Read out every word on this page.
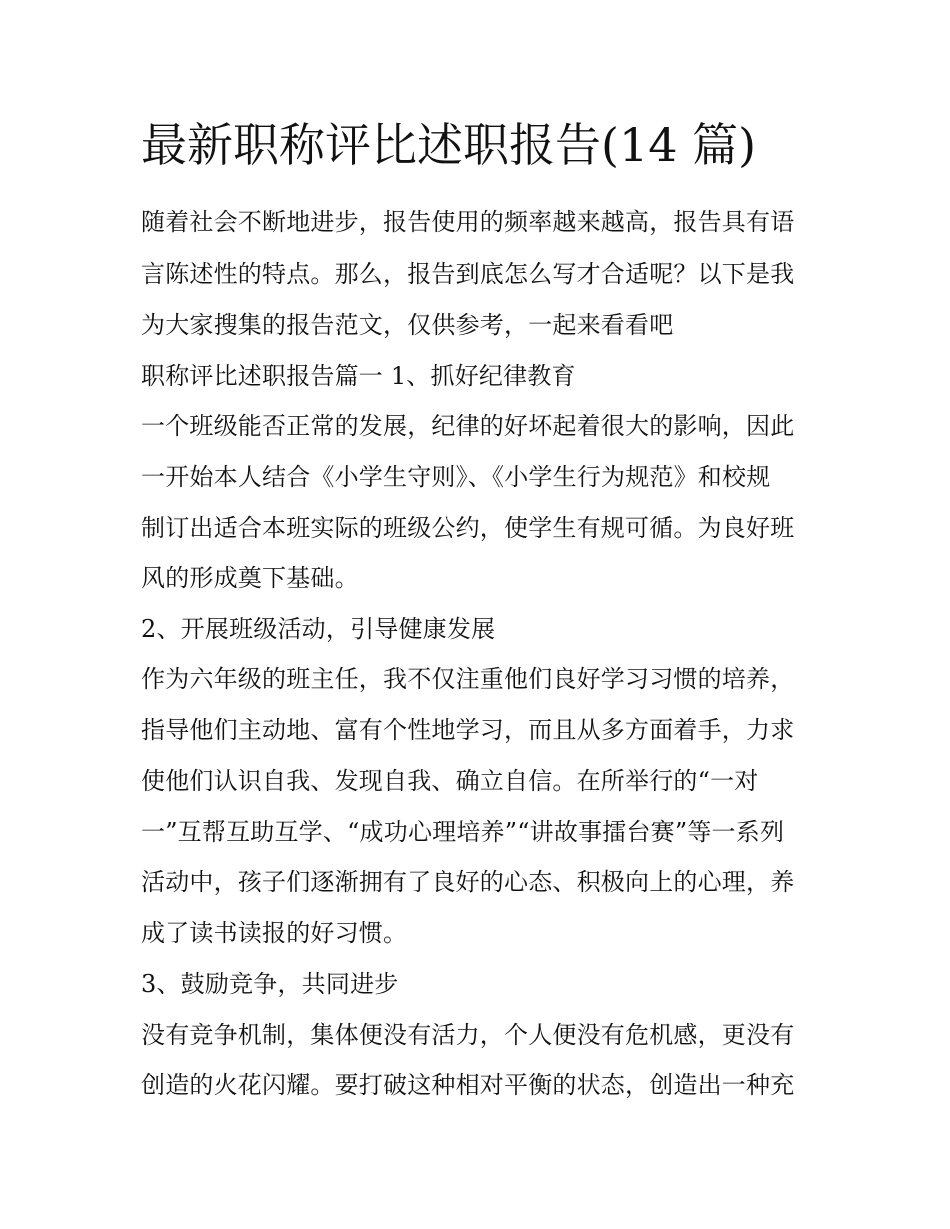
最新职称评比述职报告(14 篇)

随着社会不断地进步，报告使用的频率越来越高，报告具有语

言陈述性的特点。那么，报告到底怎么写才合适呢？以下是我

为大家搜集的报告范文，仅供参考，一起来看看吧

职称评比述职报告篇一 1、抓好纪律教育

一个班级能否正常的发展，纪律的好坏起着很大的影响，因此

一开始本人结合《小学生守则》、《小学生行为规范》和校规

制订出适合本班实际的班级公约，使学生有规可循。为良好班

风的形成奠下基础。

2、开展班级活动，引导健康发展

作为六年级的班主任，我不仅注重他们良好学习习惯的培养，

指导他们主动地、富有个性地学习，而且从多方面着手，力求

使他们认识自我、发现自我、确立自信。在所举行的“一对

一”互帮互助互学、“成功心理培养”“讲故事擂台赛”等一系列

活动中，孩子们逐渐拥有了良好的心态、积极向上的心理，养

成了读书读报的好习惯。

3、鼓励竞争，共同进步

没有竞争机制，集体便没有活力，个人便没有危机感，更没有

创造的火花闪耀。要打破这种相对平衡的状态，创造出一种充
